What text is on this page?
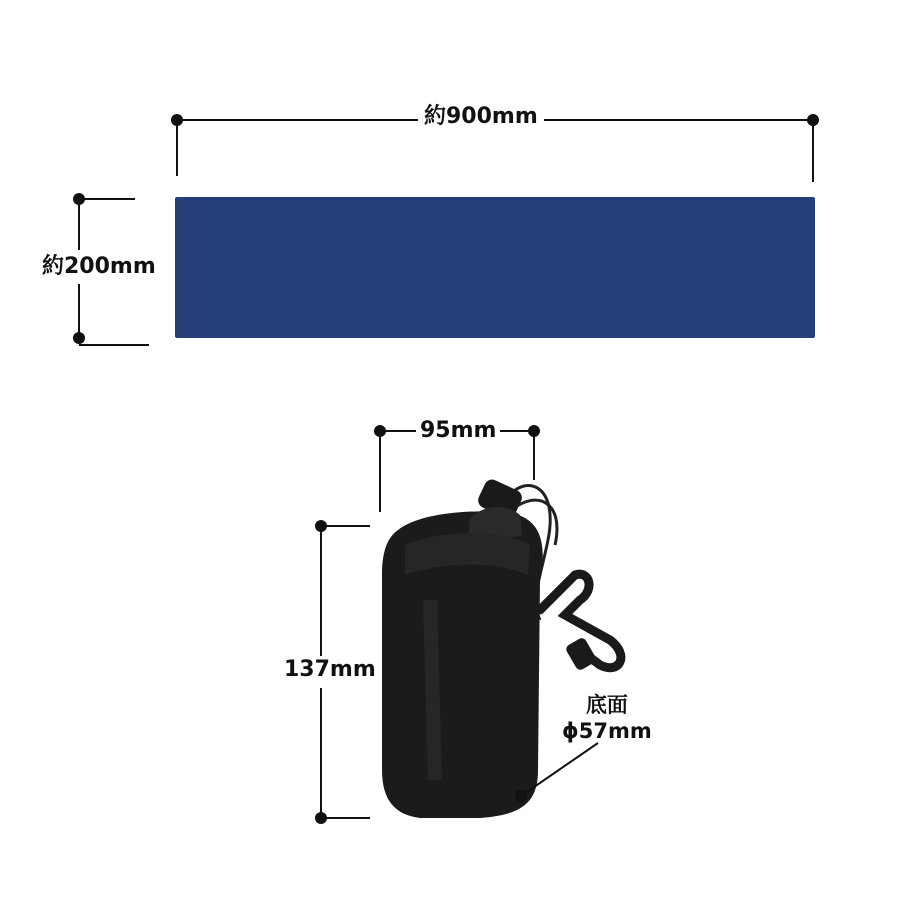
約900mm
約200mm
95mm
137mm
底面
ϕ57mm
